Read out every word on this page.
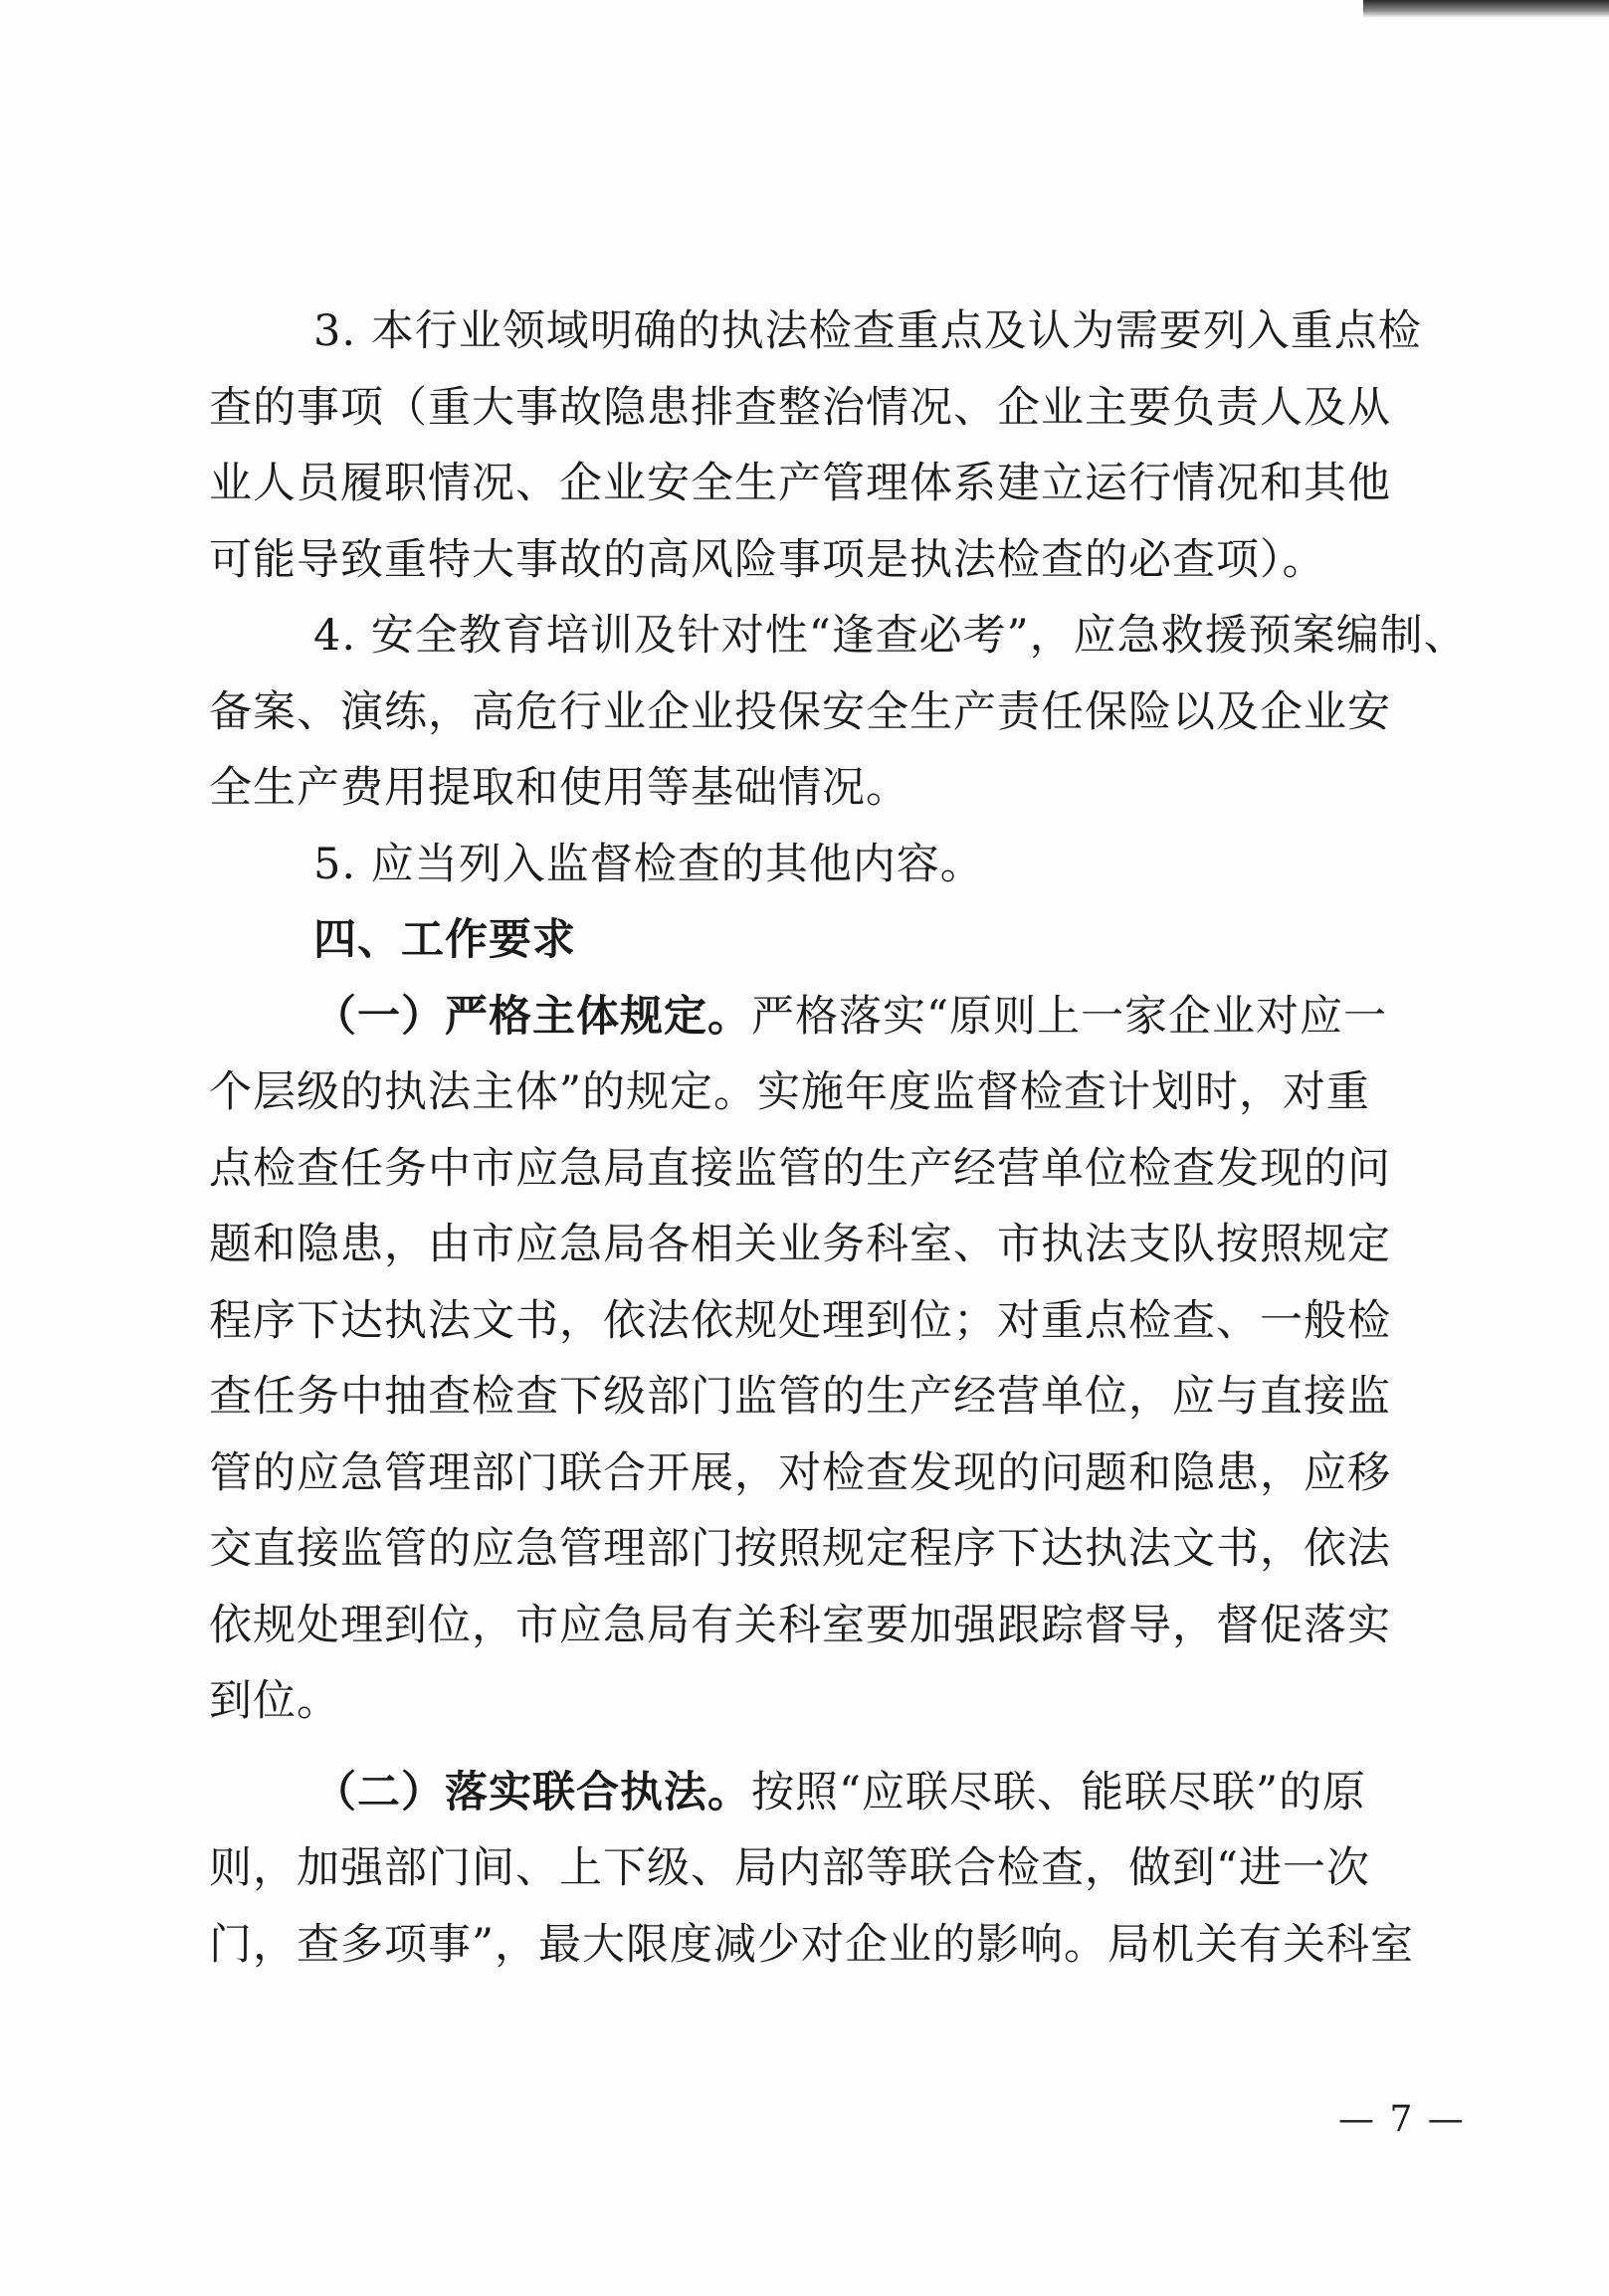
3. 本行业领域明确的执法检查重点及认为需要列入重点检
查的事项（重大事故隐患排查整治情况、企业主要负责人及从
业人员履职情况、企业安全生产管理体系建立运行情况和其他
可能导致重特大事故的高风险事项是执法检查的必查项）。
4. 安全教育培训及针对性“逢查必考”，应急救援预案编制、
备案、演练，高危行业企业投保安全生产责任保险以及企业安
全生产费用提取和使用等基础情况。
5. 应当列入监督检查的其他内容。
四、工作要求
（一）严格主体规定。严格落实“原则上一家企业对应一
个层级的执法主体”的规定。实施年度监督检查计划时，对重
点检查任务中市应急局直接监管的生产经营单位检查发现的问
题和隐患，由市应急局各相关业务科室、市执法支队按照规定
程序下达执法文书，依法依规处理到位；对重点检查、一般检
查任务中抽查检查下级部门监管的生产经营单位，应与直接监
管的应急管理部门联合开展，对检查发现的问题和隐患，应移
交直接监管的应急管理部门按照规定程序下达执法文书，依法
依规处理到位，市应急局有关科室要加强跟踪督导，督促落实
到位。
（二）落实联合执法。按照“应联尽联、能联尽联”的原
则，加强部门间、上下级、局内部等联合检查，做到“进一次
门，查多项事”，最大限度减少对企业的影响。局机关有关科室
— 7 —
